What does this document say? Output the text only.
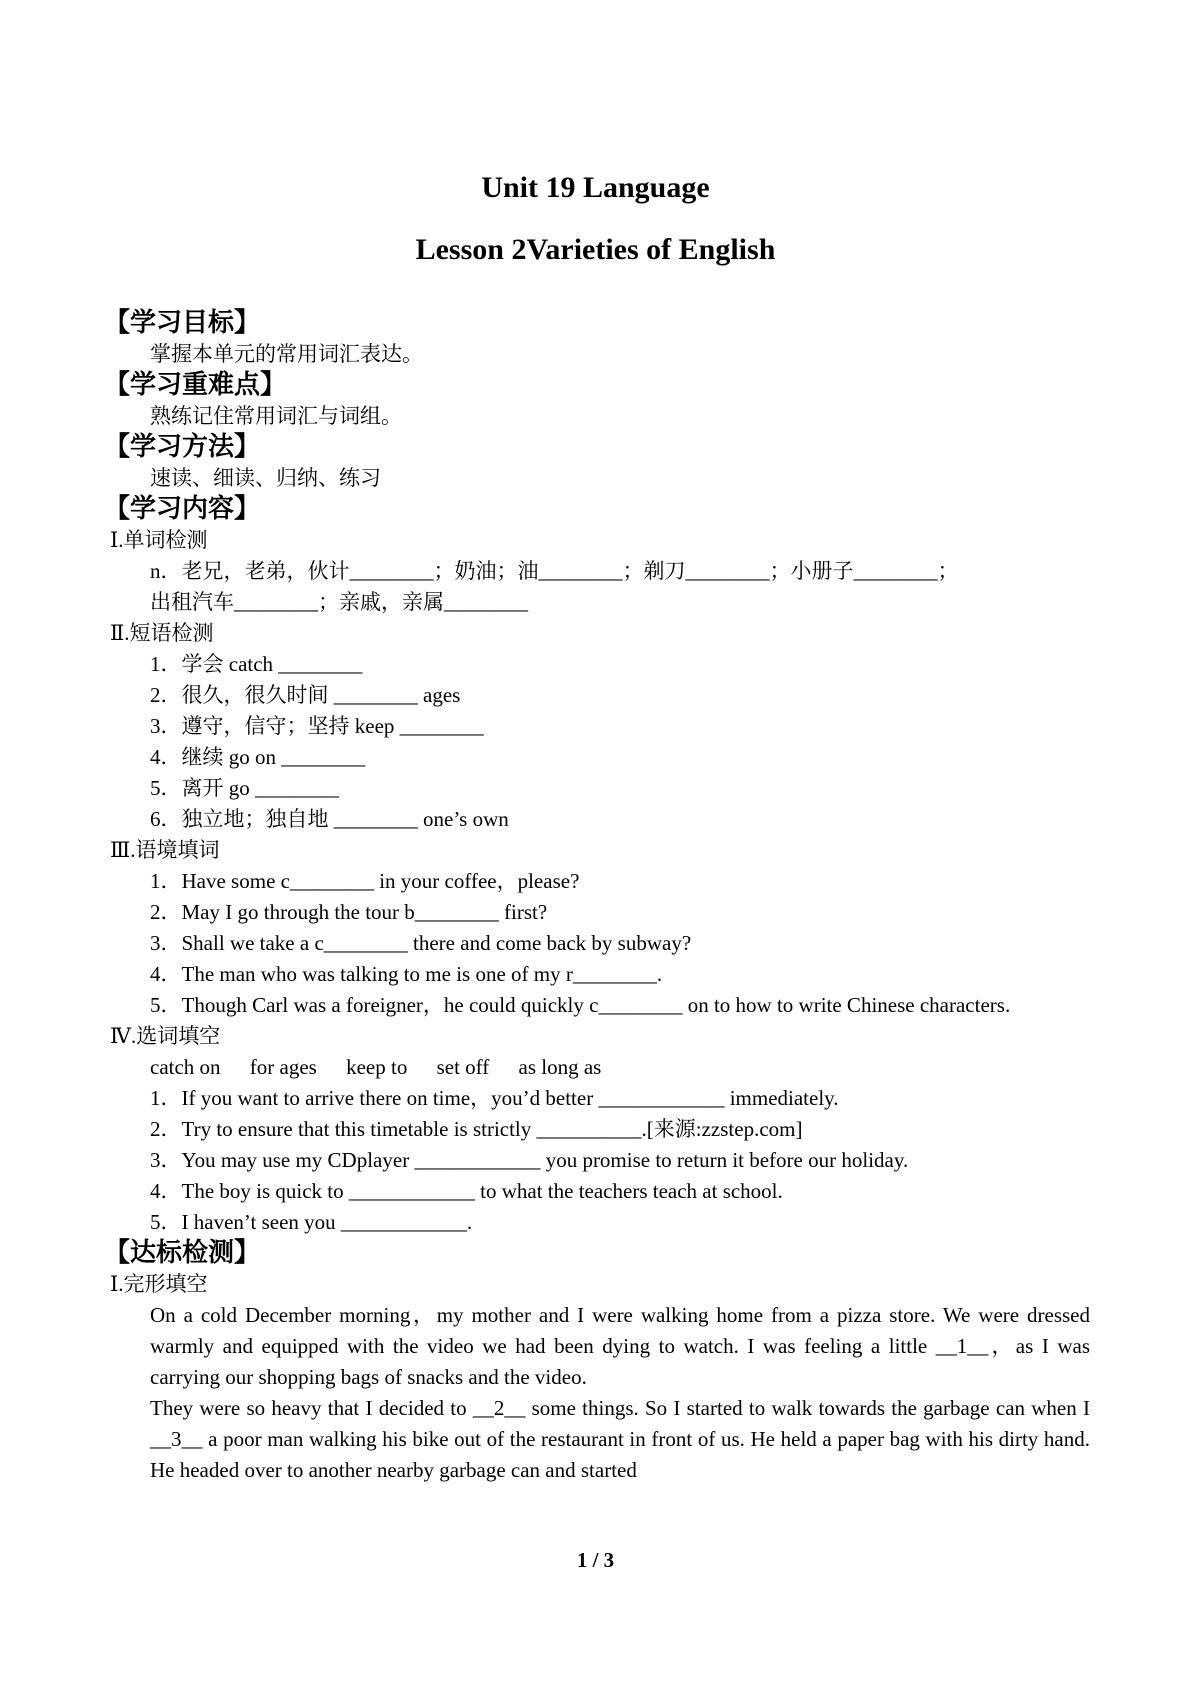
Unit 19 Language
Lesson 2Varieties of English
【学习目标】
掌握本单元的常用词汇表达。
【学习重难点】
熟练记住常用词汇与词组。
【学习方法】
速读、细读、归纳、练习
【学习内容】
Ⅰ.单词检测
n．老兄，老弟，伙计________；奶油；油________；剃刀________；小册子________；
出租汽车________；亲戚，亲属________
Ⅱ.短语检测
1．学会 catch ________
2．很久，很久时间 ________ ages
3．遵守，信守；坚持 keep ________
4．继续 go on ________
5．离开 go ________
6．独立地；独自地 ________ one’s own
Ⅲ.语境填词
1．Have some c________ in your coffee，please?
2．May I go through the tour b________ first?
3．Shall we take a c________ there and come back by subway?
4．The man who was talking to me is one of my r________.
5．Though Carl was a foreigner，he could quickly c________ on to how to write Chinese characters.
Ⅳ.选词填空
catch on for ages keep to set off as long as
1．If you want to arrive there on time，you’d better ____________ immediately.
2．Try to ensure that this timetable is strictly __________.[来源:zzstep.com]
3．You may use my CDplayer ____________ you promise to return it before our holiday.
4．The boy is quick to ____________ to what the teachers teach at school.
5．I haven’t seen you ____________.
【达标检测】
Ⅰ.完形填空
On a cold December morning，my mother and I were walking home from a pizza store. We were dressed warmly and equipped with the video we had been dying to watch. I was feeling a little __1__，as I was carrying our shopping bags of snacks and the video.
They were so heavy that I decided to __2__ some things. So I started to walk towards the garbage can when I __3__ a poor man walking his bike out of the restaurant in front of us. He held a paper bag with his dirty hand. He headed over to another nearby garbage can and started
1 / 3
